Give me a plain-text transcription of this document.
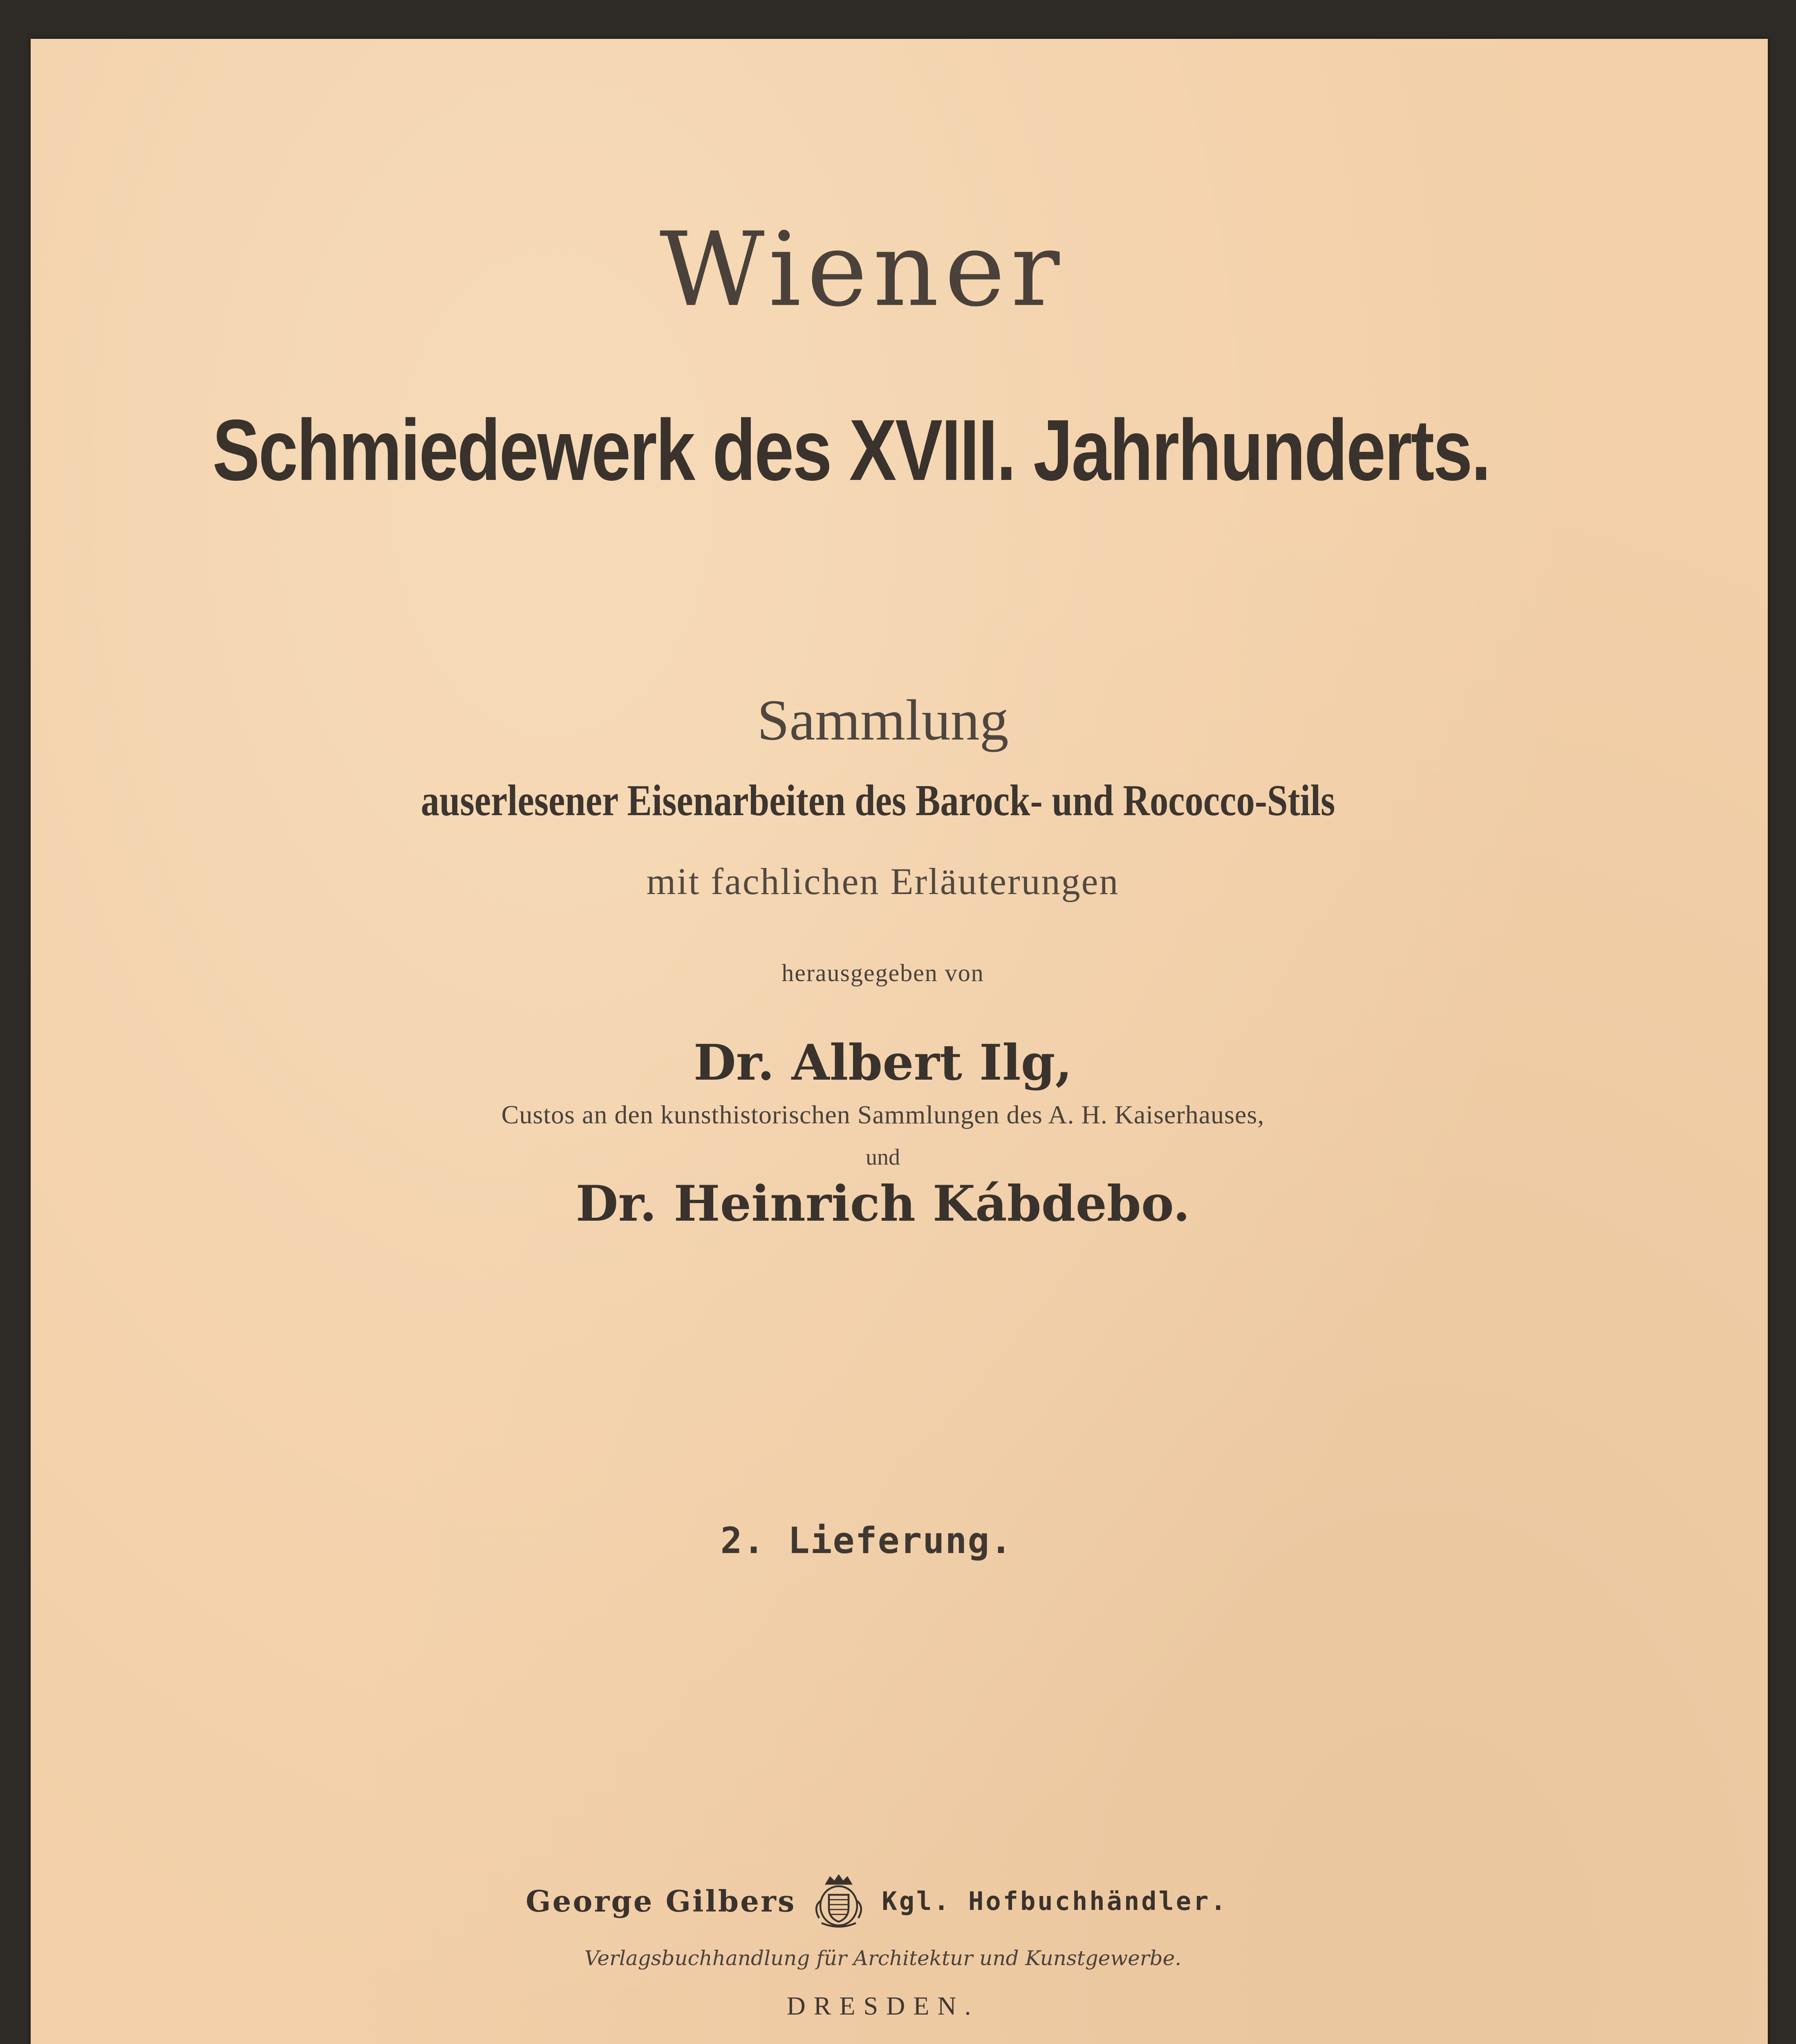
Wiener
Schmiedewerk des XVIII. Jahrhunderts.
Sammlung
auserlesener Eisenarbeiten des Barock- und Rococco-Stils
mit fachlichen Erläuterungen
herausgegeben von
Dr. Albert Ilg,
Custos an den kunsthistorischen Sammlungen des A. H. Kaiserhauses,
und
Dr. Heinrich Kábdebo.
2. Lieferung.
George Gilbers	Kgl. Hofbuchhändler.
Verlagsbuchhandlung für Architektur und Kunstgewerbe.
DRESDEN.
